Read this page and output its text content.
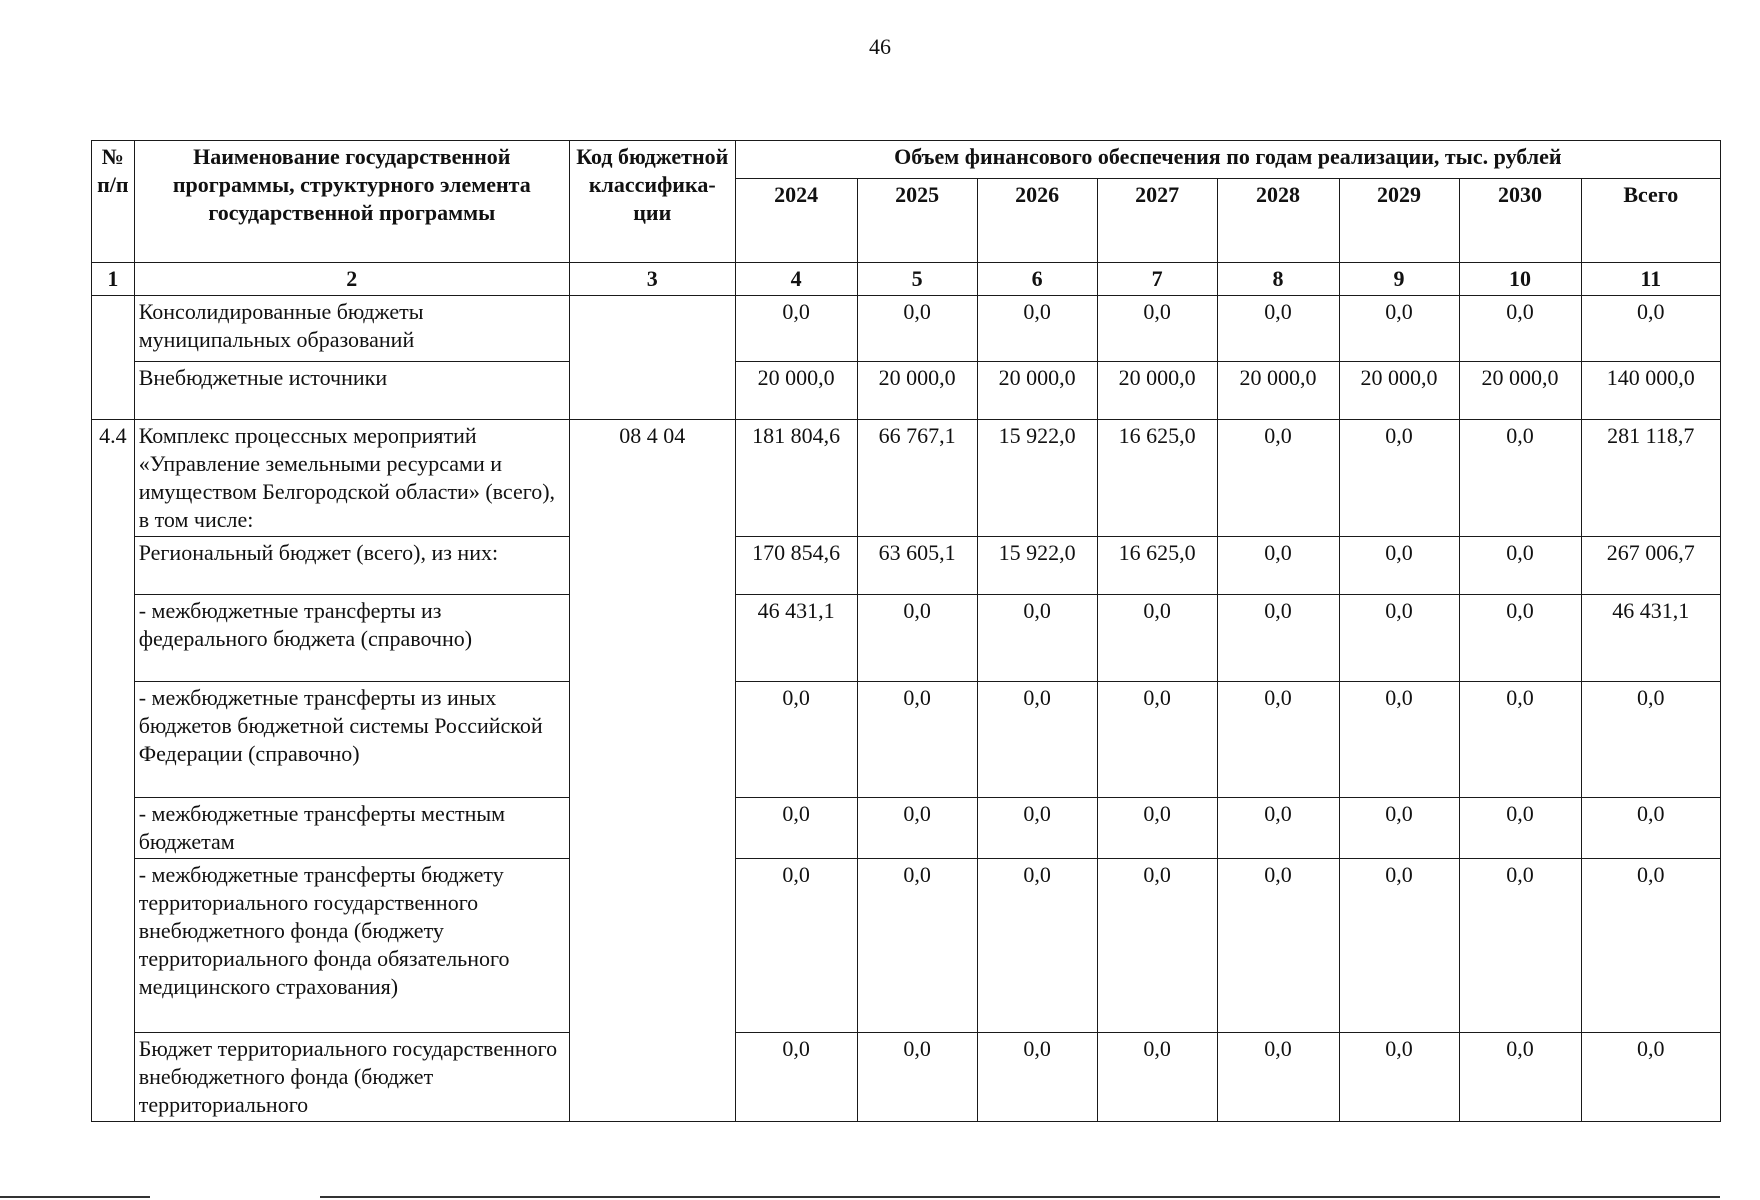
46
№ п/п	Наименование государственной программы, структурного элемента государственной программы	Код бюджетной классифика-ции	Объем финансового обеспечения по годам реализации, тыс. рублей							
			2024	2025	2026	2027	2028	2029	2030	Всего
1	2	3	4	5	6	7	8	9	10	11
	Консолидированные бюджеты муниципальных образований		0,0	0,0	0,0	0,0	0,0	0,0	0,0	0,0
	Внебюджетные источники		20 000,0	20 000,0	20 000,0	20 000,0	20 000,0	20 000,0	20 000,0	140 000,0
4.4	Комплекс процессных мероприятий «Управление земельными ресурсами и имуществом Белгородской области» (всего), в том числе:	08 4 04	181 804,6	66 767,1	15 922,0	16 625,0	0,0	0,0	0,0	281 118,7
	Региональный бюджет (всего), из них:		170 854,6	63 605,1	15 922,0	16 625,0	0,0	0,0	0,0	267 006,7
	- межбюджетные трансферты из федерального бюджета (справочно)		46 431,1	0,0	0,0	0,0	0,0	0,0	0,0	46 431,1
	- межбюджетные трансферты из иных бюджетов бюджетной системы Российской Федерации (справочно)		0,0	0,0	0,0	0,0	0,0	0,0	0,0	0,0
	- межбюджетные трансферты местным бюджетам		0,0	0,0	0,0	0,0	0,0	0,0	0,0	0,0
	- межбюджетные трансферты бюджету территориального государственного внебюджетного фонда (бюджету территориального фонда обязательного медицинского страхования)		0,0	0,0	0,0	0,0	0,0	0,0	0,0	0,0
	Бюджет территориального государственного внебюджетного фонда (бюджет территориального		0,0	0,0	0,0	0,0	0,0	0,0	0,0	0,0
